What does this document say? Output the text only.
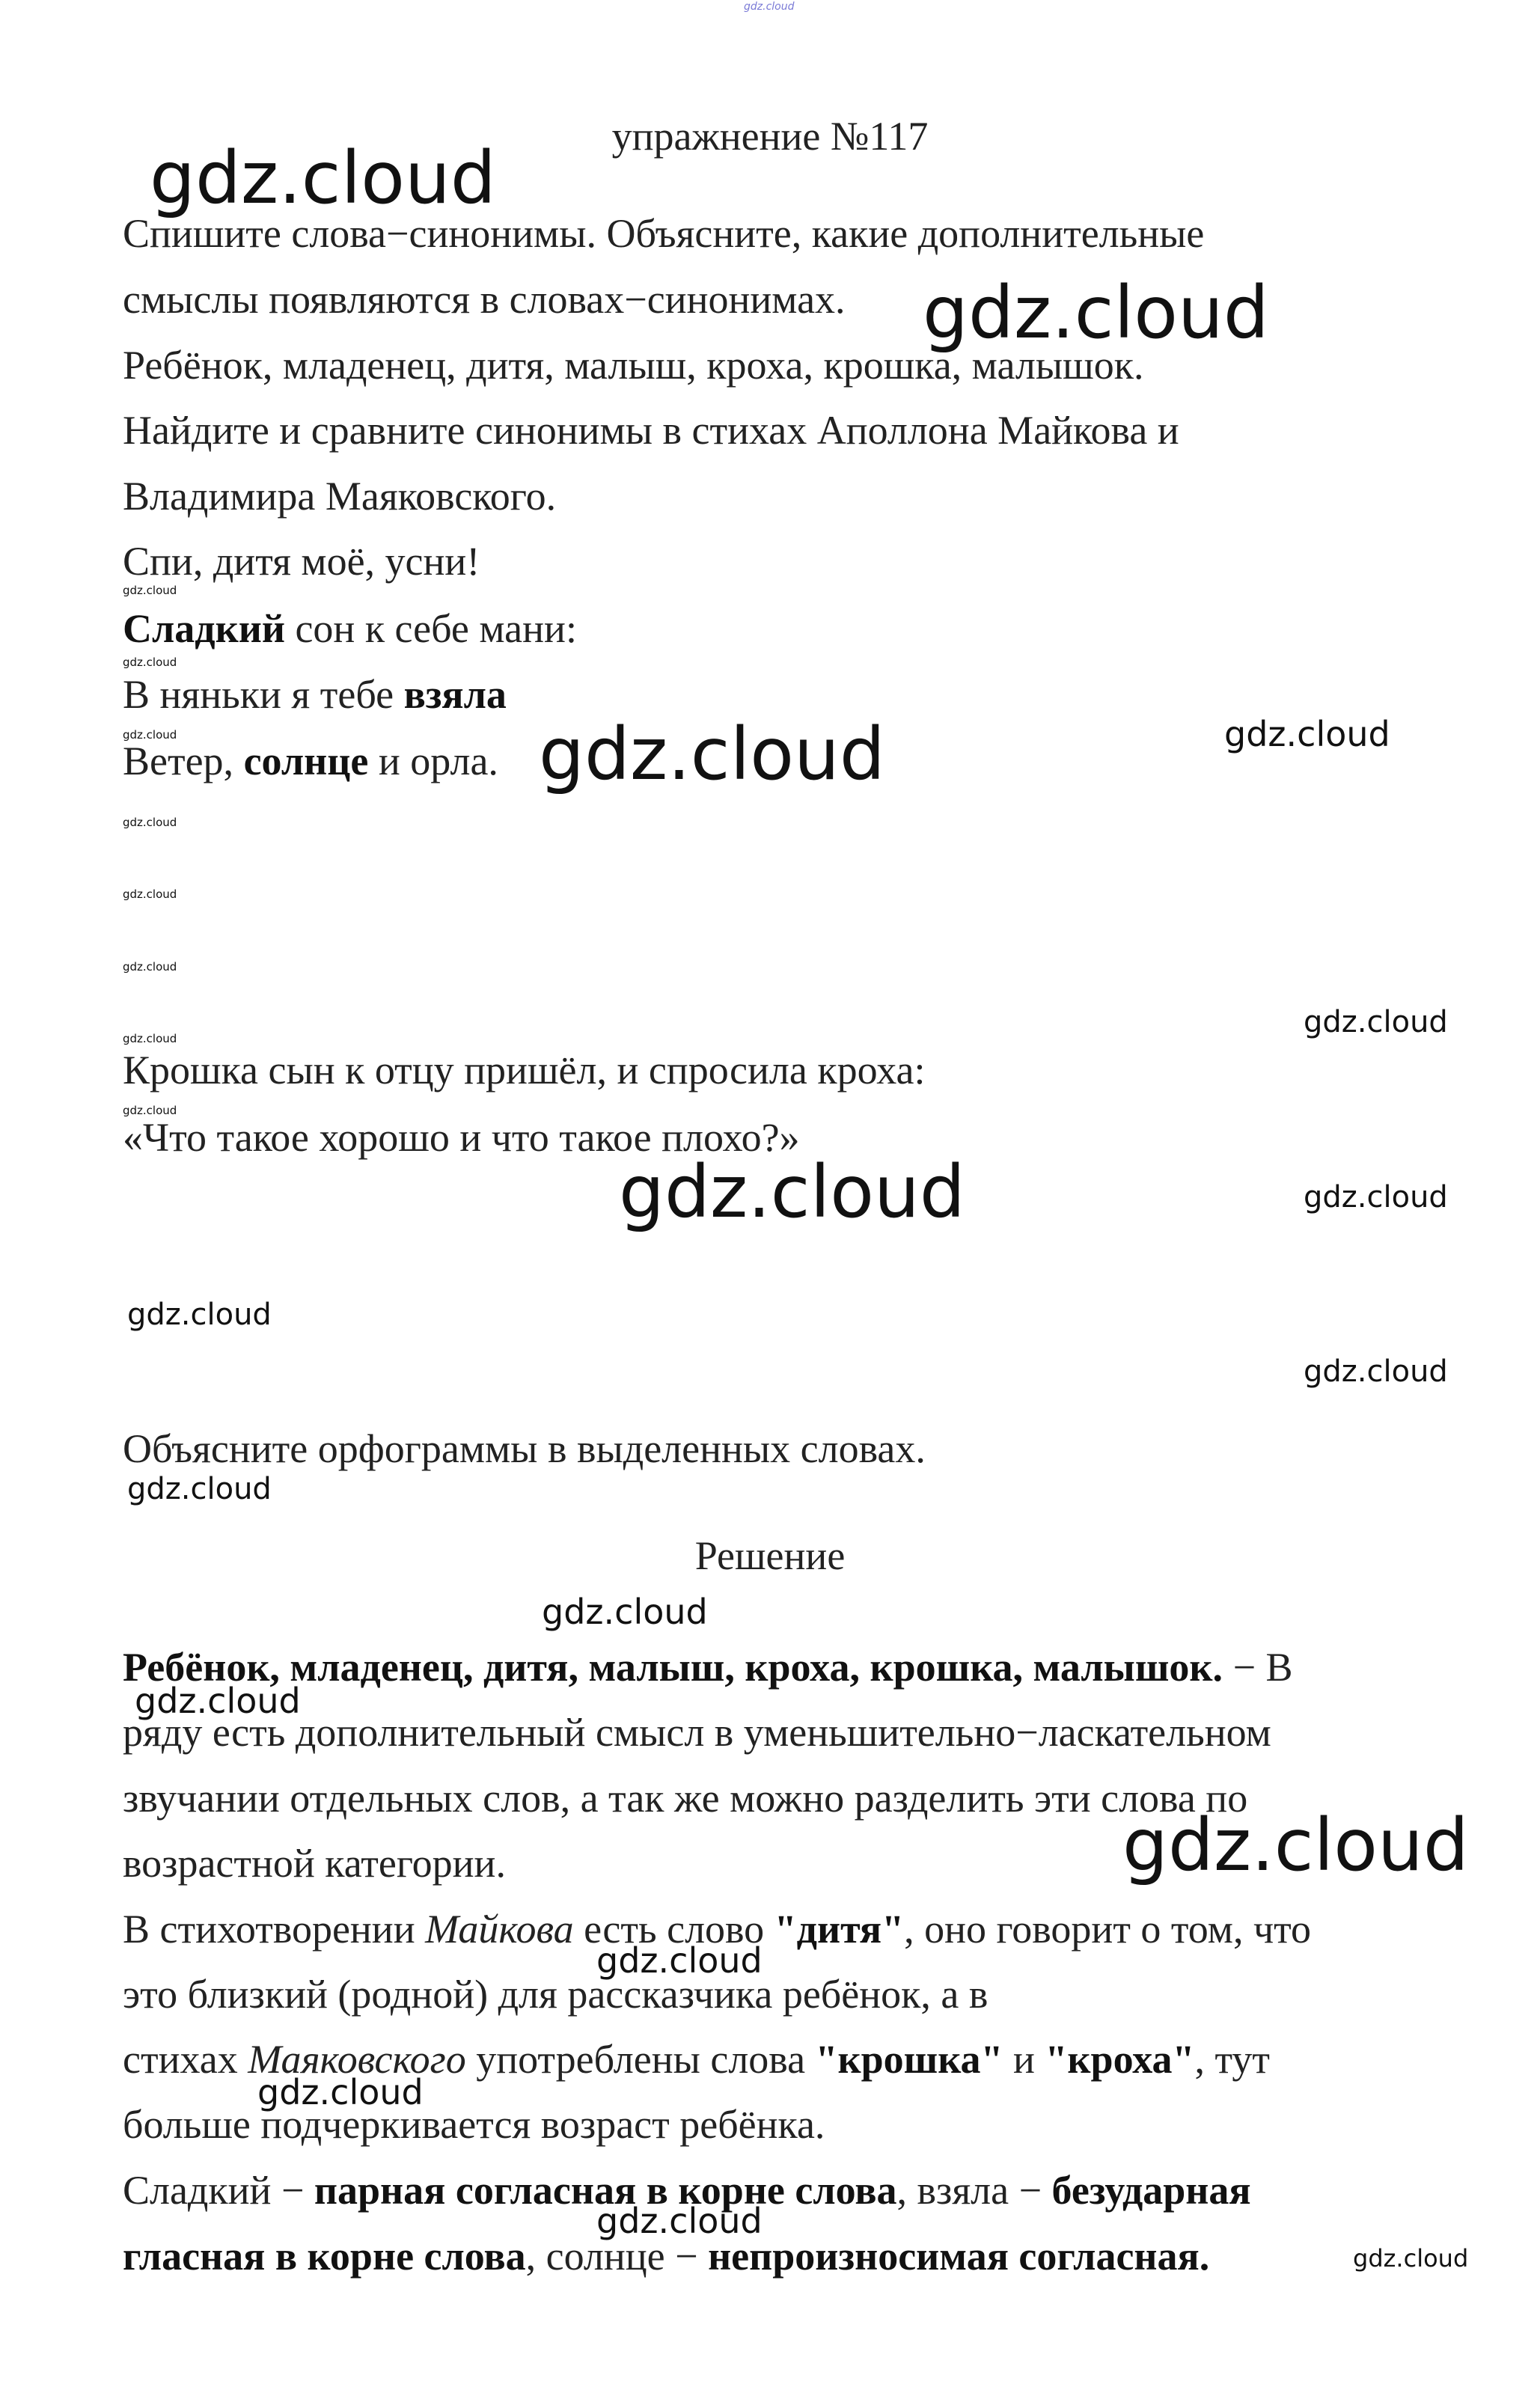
упражнение №117

Спишите слова−синонимы. Объясните, какие дополнительные

смыслы появляются в словах−синонимах.

Ребёнок, младенец, дитя, малыш, кроха, крошка, малышок.

Найдите и сравните синонимы в стихах Аполлона Майкова и

Владимира Маяковского.

Спи, дитя моё, усни!

Сладкий сон к себе мани:

В няньки я тебе взяла

Ветер, солнце и орла.

Крошка сын к отцу пришёл, и спросила кроха:

«Что такое хорошо и что такое плохо?»

Объясните орфограммы в выделенных словах.

Решение

Ребёнок, младенец, дитя, малыш, кроха, крошка, малышок. − В

ряду есть дополнительный смысл в уменьшительно−ласкательном

звучании отдельных слов, а так же можно разделить эти слова по

возрастной категории.

В стихотворении Майкова есть слово "дитя", оно говорит о том, что

это близкий (родной) для рассказчика ребёнок, а в

стихах Маяковского употреблены слова "крошка" и "кроха", тут

больше подчеркивается возраст ребёнка.

Сладкий − парная согласная в корне слова, взяла − безударная

гласная в корне слова, солнце − непроизносимая согласная.

gdz.cloud
gdz.cloud
gdz.cloud
gdz.cloud
gdz.cloud
gdz.cloud
gdz.cloud
gdz.cloud
gdz.cloud
gdz.cloud
gdz.cloud
gdz.cloud
gdz.cloud
gdz.cloud
gdz.cloud
gdz.cloud
gdz.cloud
gdz.cloud
gdz.cloud
gdz.cloud
gdz.cloud
gdz.cloud
gdz.cloud
gdz.cloud
gdz.cloud
gdz.cloud
